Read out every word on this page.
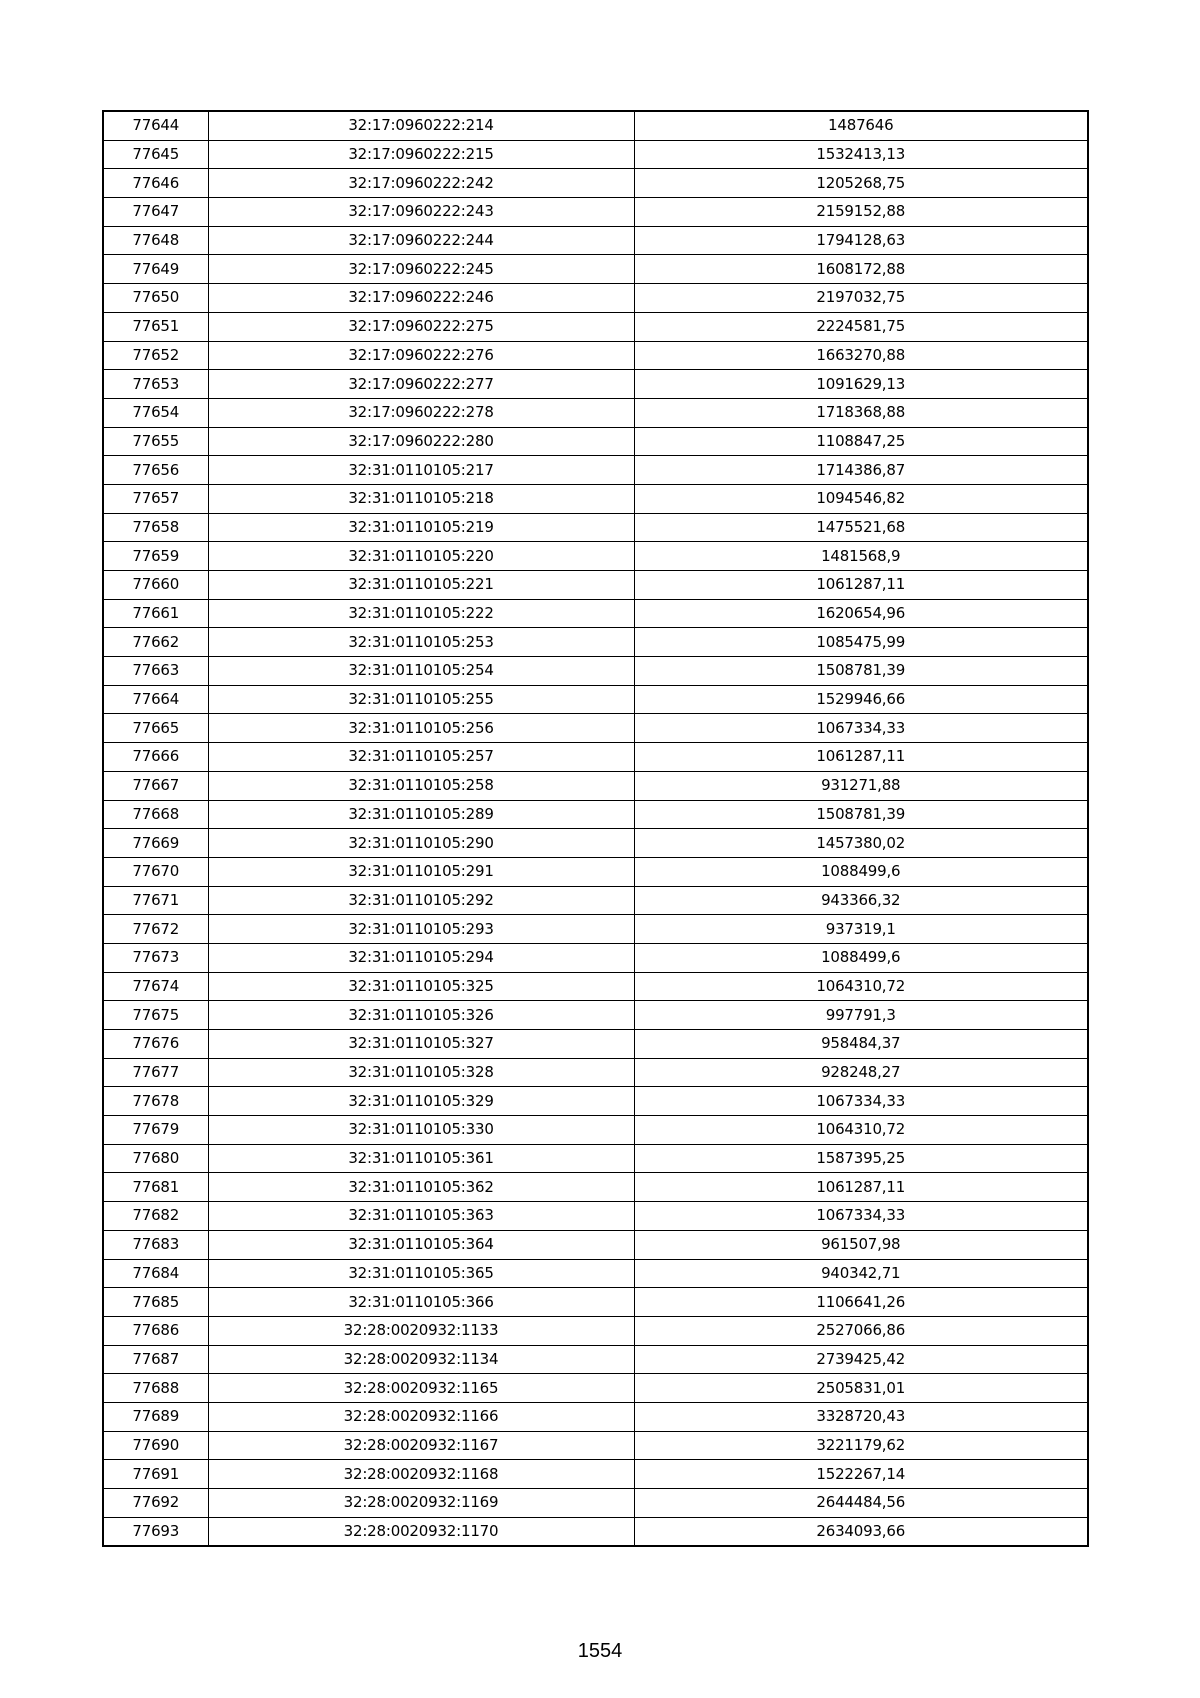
77644	32:17:0960222:214	1487646
77645	32:17:0960222:215	1532413,13
77646	32:17:0960222:242	1205268,75
77647	32:17:0960222:243	2159152,88
77648	32:17:0960222:244	1794128,63
77649	32:17:0960222:245	1608172,88
77650	32:17:0960222:246	2197032,75
77651	32:17:0960222:275	2224581,75
77652	32:17:0960222:276	1663270,88
77653	32:17:0960222:277	1091629,13
77654	32:17:0960222:278	1718368,88
77655	32:17:0960222:280	1108847,25
77656	32:31:0110105:217	1714386,87
77657	32:31:0110105:218	1094546,82
77658	32:31:0110105:219	1475521,68
77659	32:31:0110105:220	1481568,9
77660	32:31:0110105:221	1061287,11
77661	32:31:0110105:222	1620654,96
77662	32:31:0110105:253	1085475,99
77663	32:31:0110105:254	1508781,39
77664	32:31:0110105:255	1529946,66
77665	32:31:0110105:256	1067334,33
77666	32:31:0110105:257	1061287,11
77667	32:31:0110105:258	931271,88
77668	32:31:0110105:289	1508781,39
77669	32:31:0110105:290	1457380,02
77670	32:31:0110105:291	1088499,6
77671	32:31:0110105:292	943366,32
77672	32:31:0110105:293	937319,1
77673	32:31:0110105:294	1088499,6
77674	32:31:0110105:325	1064310,72
77675	32:31:0110105:326	997791,3
77676	32:31:0110105:327	958484,37
77677	32:31:0110105:328	928248,27
77678	32:31:0110105:329	1067334,33
77679	32:31:0110105:330	1064310,72
77680	32:31:0110105:361	1587395,25
77681	32:31:0110105:362	1061287,11
77682	32:31:0110105:363	1067334,33
77683	32:31:0110105:364	961507,98
77684	32:31:0110105:365	940342,71
77685	32:31:0110105:366	1106641,26
77686	32:28:0020932:1133	2527066,86
77687	32:28:0020932:1134	2739425,42
77688	32:28:0020932:1165	2505831,01
77689	32:28:0020932:1166	3328720,43
77690	32:28:0020932:1167	3221179,62
77691	32:28:0020932:1168	1522267,14
77692	32:28:0020932:1169	2644484,56
77693	32:28:0020932:1170	2634093,66
1554
